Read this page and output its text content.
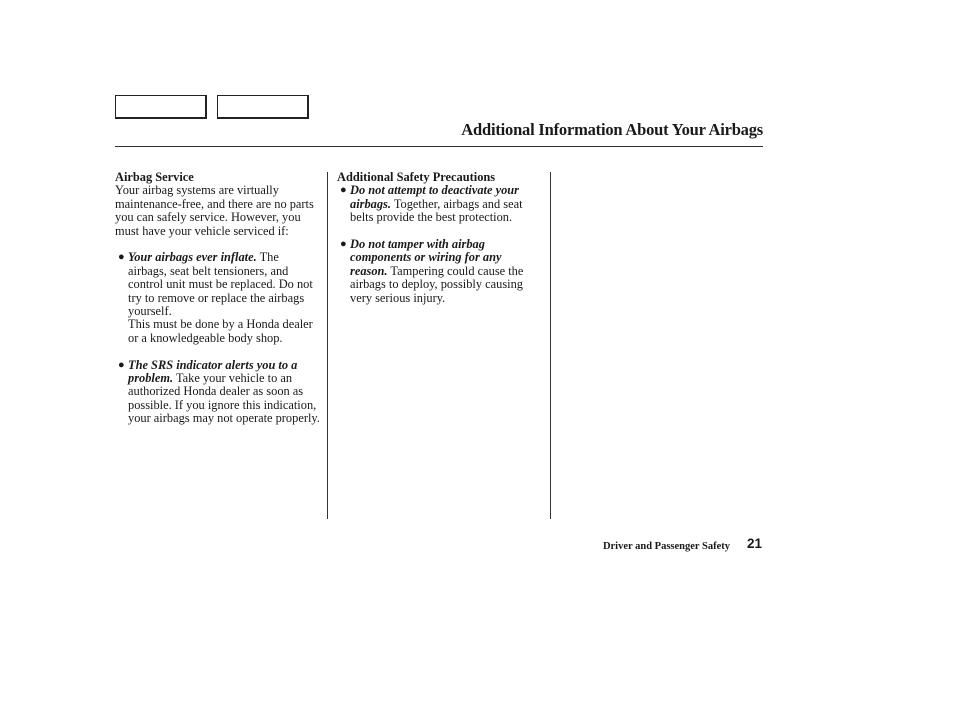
Additional Information About Your Airbags
Airbag Service

Your airbag systems are virtually maintenance-free, and there are no parts you can safely service. However, you must have your vehicle serviced if:

● Your airbags ever inflate. The airbags, seat belt tensioners, and control unit must be replaced. Do not try to remove or replace the airbags yourself.

This must be done by a Honda dealer or a knowledgeable body shop.

● The SRS indicator alerts you to a problem. Take your vehicle to an authorized Honda dealer as soon as possible. If you ignore this indication, your airbags may not operate properly.

Additional Safety Precautions
● Do not attempt to deactivate your airbags. Together, airbags and seat belts provide the best protection.

● Do not tamper with airbag components or wiring for any reason. Tampering could cause the airbags to deploy, possibly causing very serious injury.

Driver and Passenger Safety 21
